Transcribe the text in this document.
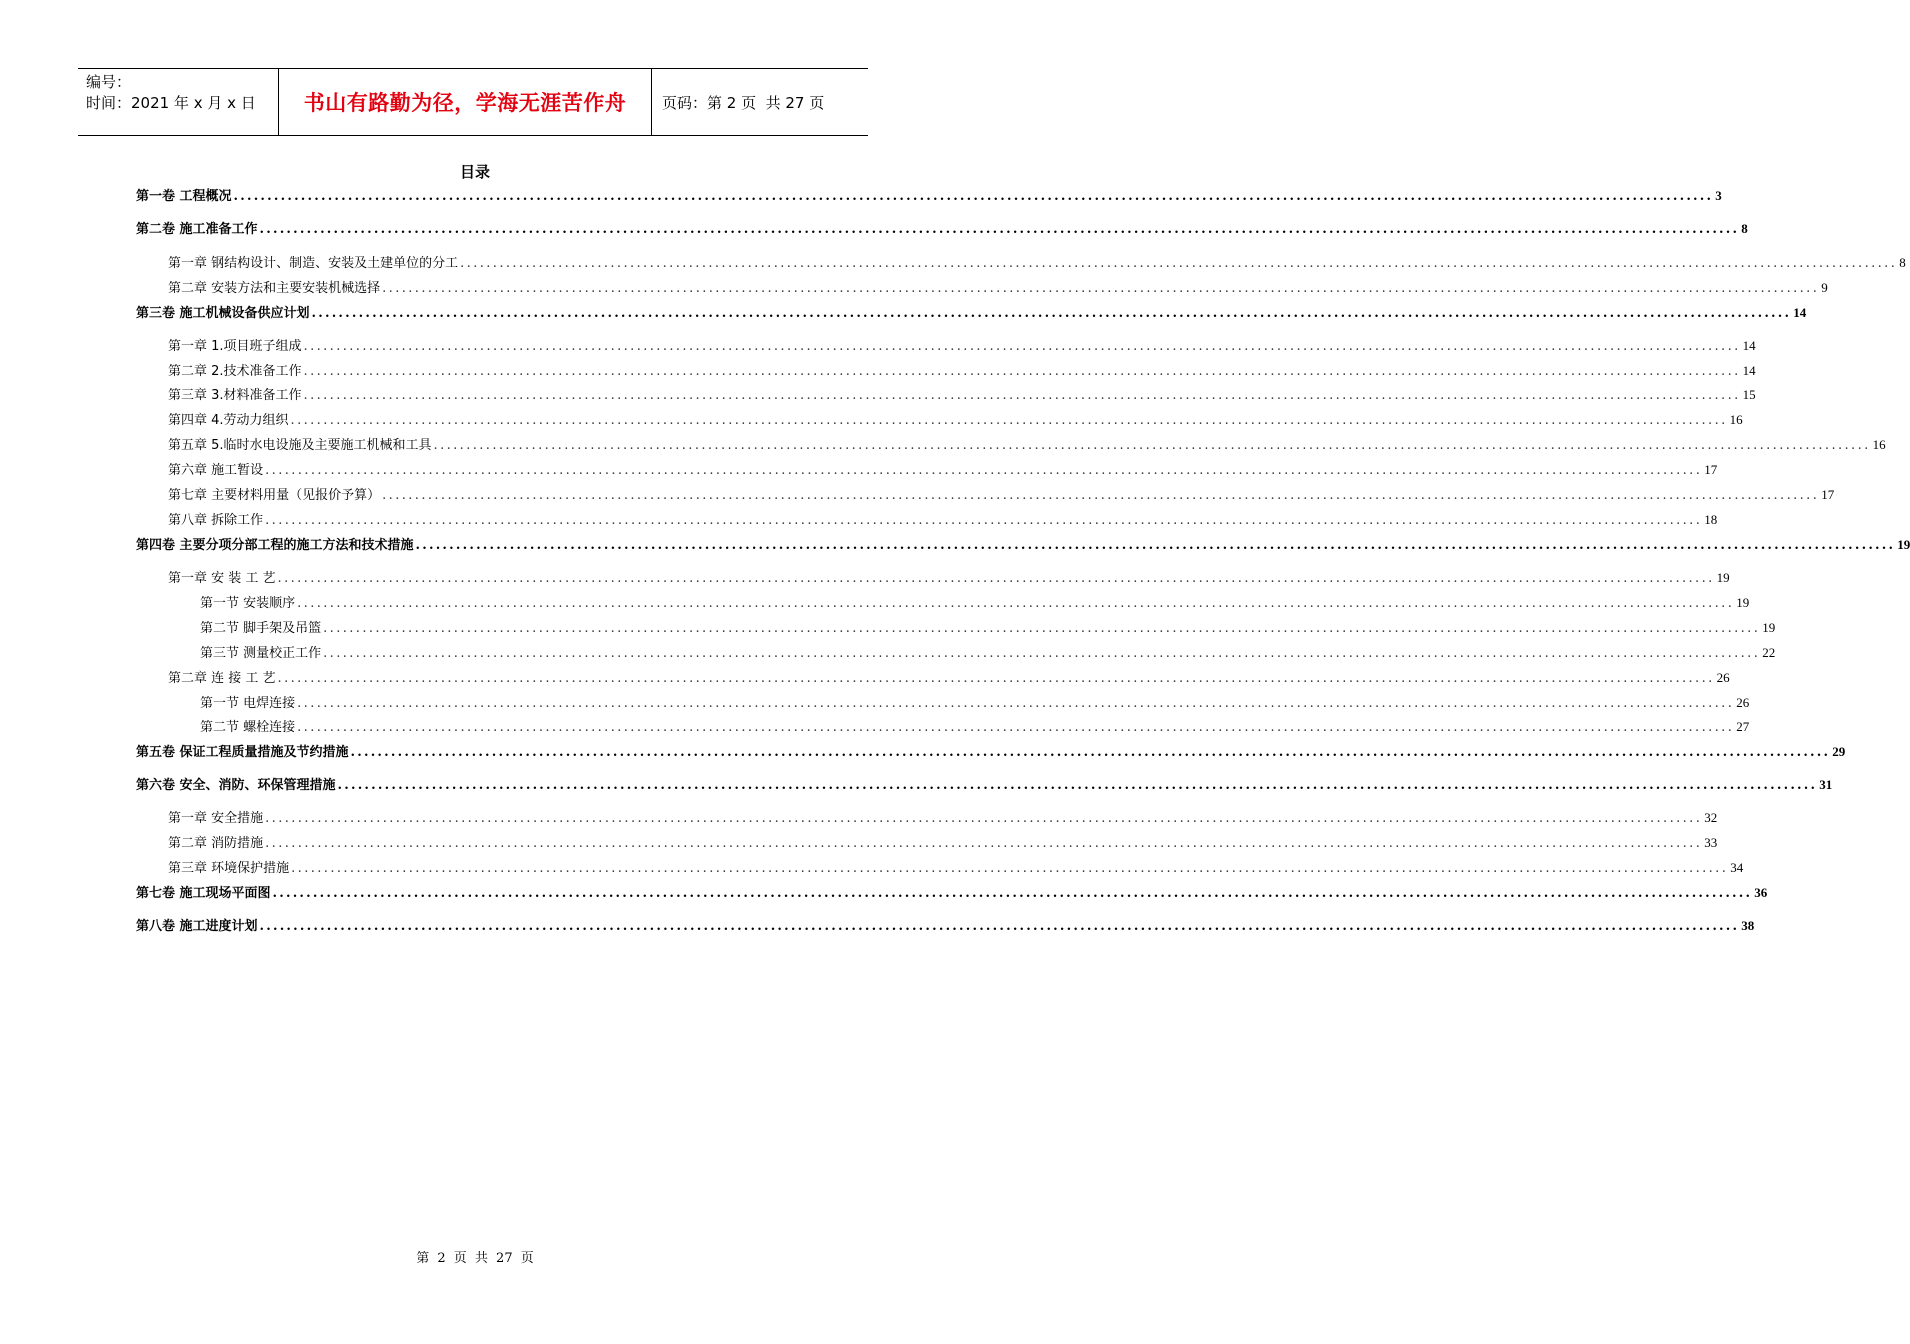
编号：
时间：2021 年 x 月 x 日	书山有路勤为径，学海无涯苦作舟	页码：第 2 页  共 27 页
目录
第一卷 工程概况 ............................................................................................................................................................................................................................ 3
第二卷 施工准备工作 ............................................................................................................................................................................................................................ 8
第一章 钢结构设计、制造、安装及土建单位的分工 ............................................................................................................................................................................................................................ 8
第二章 安装方法和主要安装机械选择 ............................................................................................................................................................................................................................ 9
第三卷 施工机械设备供应计划 ............................................................................................................................................................................................................................ 14
第一章 1.项目班子组成 ............................................................................................................................................................................................................................ 14
第二章 2.技术准备工作 ............................................................................................................................................................................................................................ 14
第三章 3.材料准备工作 ............................................................................................................................................................................................................................ 15
第四章 4.劳动力组织 ............................................................................................................................................................................................................................ 16
第五章 5.临时水电设施及主要施工机械和工具 ............................................................................................................................................................................................................................ 16
第六章 施工暂设 ............................................................................................................................................................................................................................ 17
第七章 主要材料用量（见报价予算） ............................................................................................................................................................................................................................ 17
第八章 拆除工作 ............................................................................................................................................................................................................................ 18
第四卷 主要分项分部工程的施工方法和技术措施 ............................................................................................................................................................................................................................ 19
第一章 安 装 工 艺 ............................................................................................................................................................................................................................ 19
第一节 安装顺序 ............................................................................................................................................................................................................................ 19
第二节 脚手架及吊篮 ............................................................................................................................................................................................................................ 19
第三节 测量校正工作 ............................................................................................................................................................................................................................ 22
第二章 连 接 工 艺 ............................................................................................................................................................................................................................ 26
第一节 电焊连接 ............................................................................................................................................................................................................................ 26
第二节 螺栓连接 ............................................................................................................................................................................................................................ 27
第五卷 保证工程质量措施及节约措施 ............................................................................................................................................................................................................................ 29
第六卷 安全、消防、环保管理措施 ............................................................................................................................................................................................................................ 31
第一章 安全措施 ............................................................................................................................................................................................................................ 32
第二章 消防措施 ............................................................................................................................................................................................................................ 33
第三章 环境保护措施 ............................................................................................................................................................................................................................ 34
第七卷 施工现场平面图 ............................................................................................................................................................................................................................ 36
第八卷 施工进度计划 ............................................................................................................................................................................................................................ 38
第 2 页 共 27 页
